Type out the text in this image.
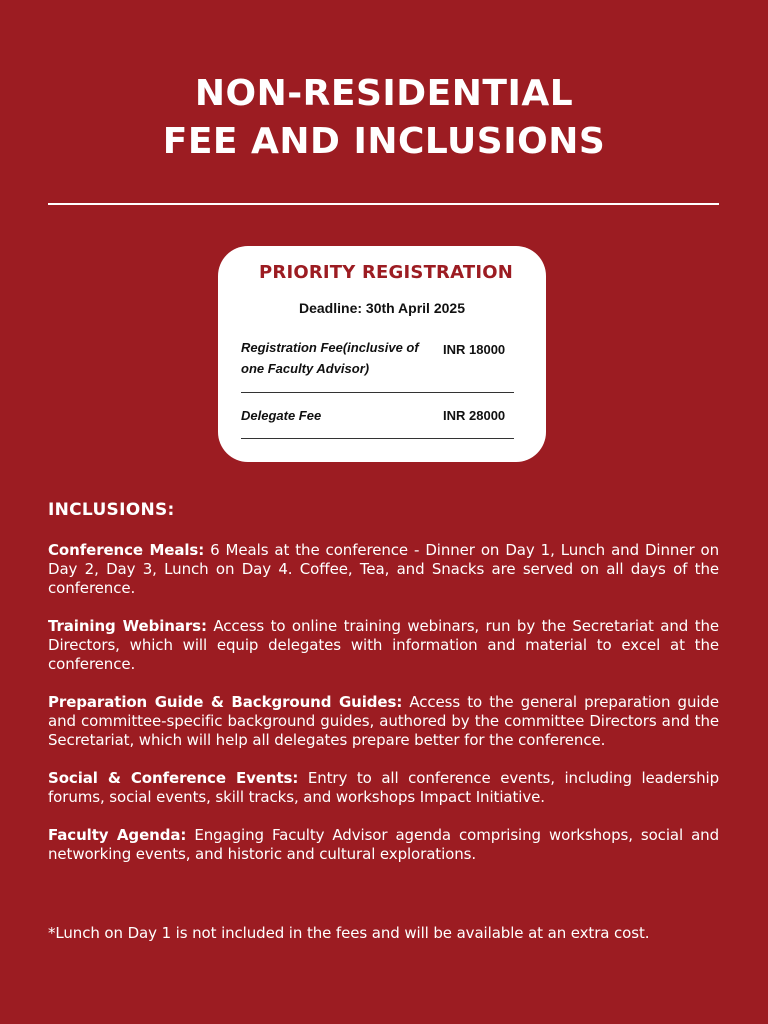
NON-RESIDENTIAL
FEE AND INCLUSIONS
PRIORITY REGISTRATION
Deadline: 30th April 2025
Registration Fee(inclusive of
one Faculty Advisor)
INR 18000
Delegate Fee	INR 28000
INCLUSIONS:

Conference Meals: 6 Meals at the conference - Dinner on Day 1, Lunch and Dinner on Day 2, Day 3, Lunch on Day 4. Coffee, Tea, and Snacks are served on all days of the conference.

Training Webinars: Access to online training webinars, run by the Secretariat and the Directors, which will equip delegates with information and material to excel at the conference.

Preparation Guide & Background Guides: Access to the general preparation guide and committee-specific background guides, authored by the committee Directors and the Secretariat, which will help all delegates prepare better for the conference.

Social & Conference Events: Entry to all conference events, including leadership forums, social events, skill tracks, and workshops Impact Initiative.

Faculty Agenda: Engaging Faculty Advisor agenda comprising workshops, social and networking events, and historic and cultural explorations.

*Lunch on Day 1 is not included in the fees and will be available at an extra cost.
